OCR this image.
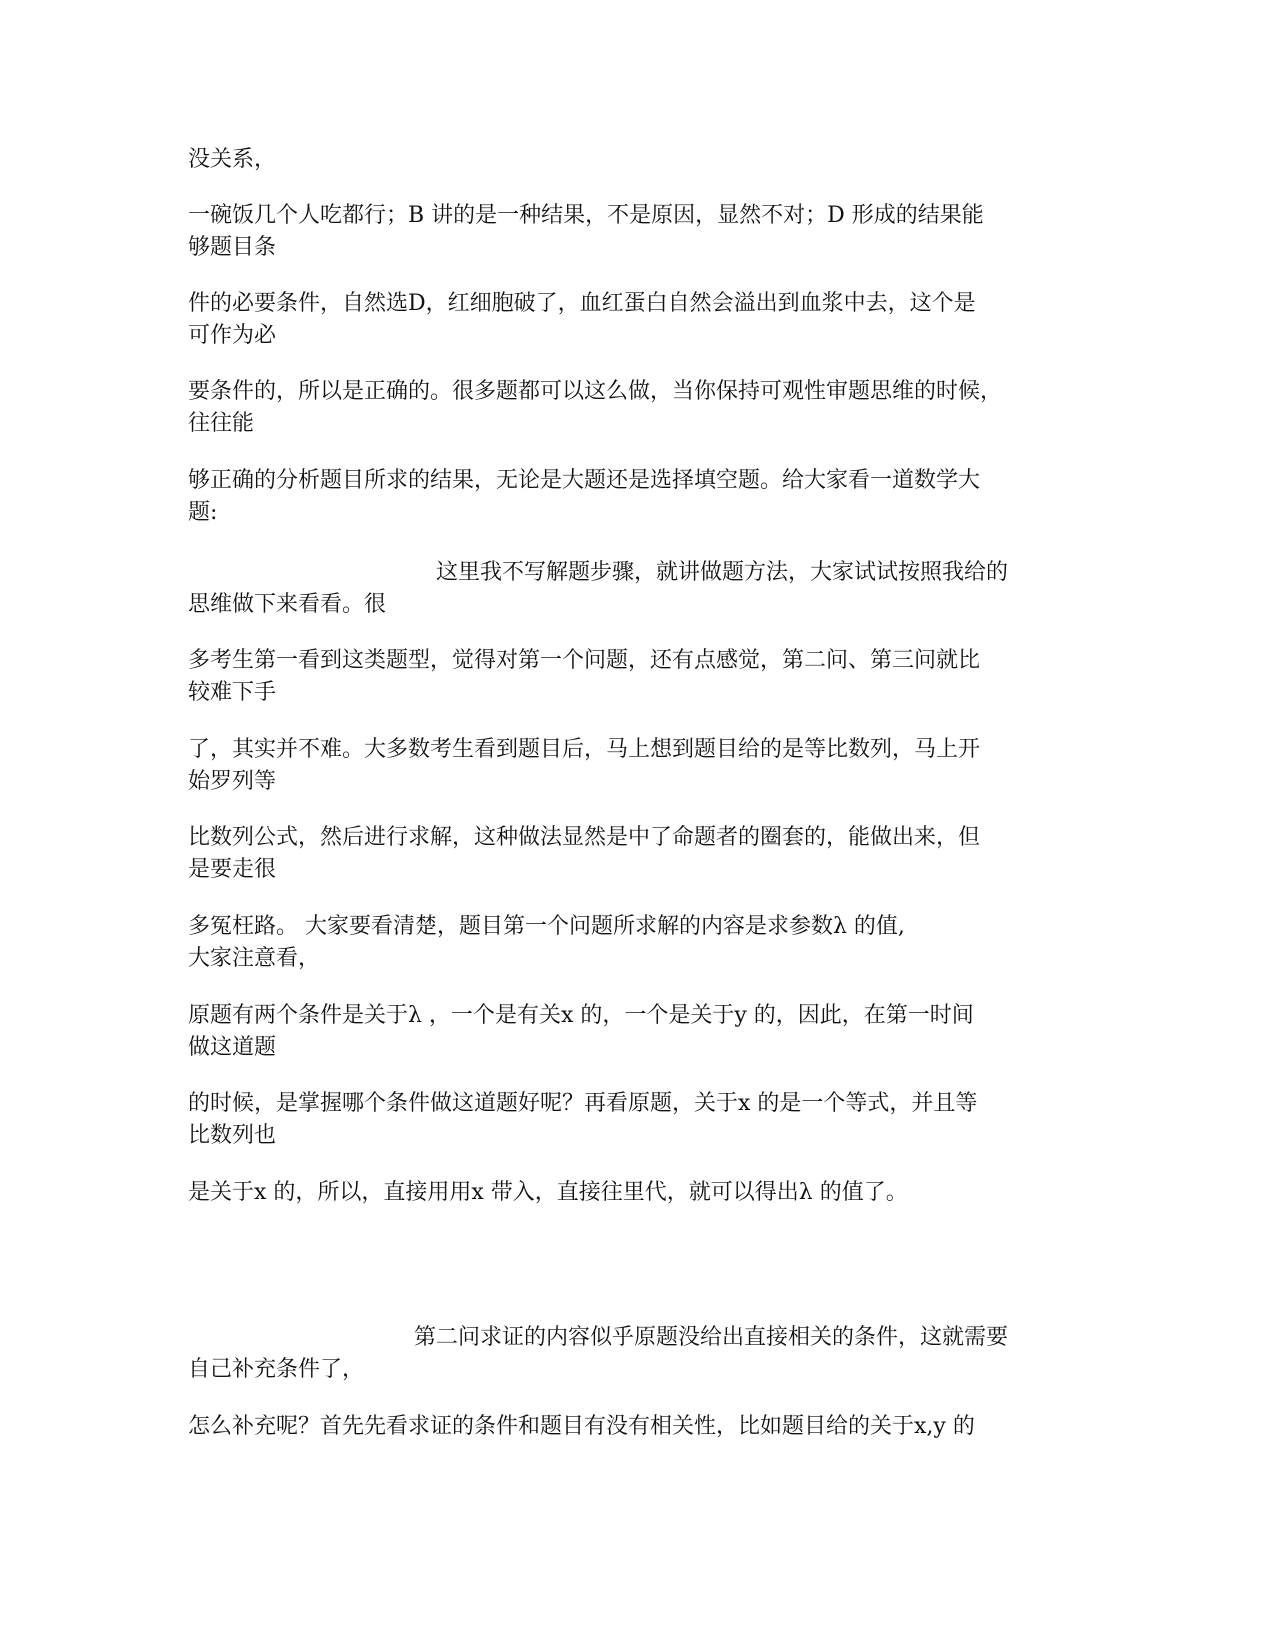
没关系，

一碗饭几个人吃都行；B 讲的是一种结果，不是原因，显然不对；D 形成的结果能
够题目条

件的必要条件，自然选D，红细胞破了，血红蛋白自然会溢出到血浆中去，这个是
可作为必

要条件的，所以是正确的。很多题都可以这么做，当你保持可观性审题思维的时候，
往往能

够正确的分析题目所求的结果，无论是大题还是选择填空题。给大家看一道数学大
题:

这里我不写解题步骤，就讲做题方法，大家试试按照我给的
思维做下来看看。很

多考生第一看到这类题型，觉得对第一个问题，还有点感觉，第二问、第三问就比
较难下手

了，其实并不难。大多数考生看到题目后，马上想到题目给的是等比数列，马上开
始罗列等

比数列公式，然后进行求解，这种做法显然是中了命题者的圈套的，能做出来，但
是要走很

多冤枉路。 大家要看清楚，题目第一个问题所求解的内容是求参数λ 的值,
大家注意看，

原题有两个条件是关于λ ，一个是有关x 的，一个是关于y 的，因此，在第一时间
做这道题

的时候，是掌握哪个条件做这道题好呢？再看原题，关于x 的是一个等式，并且等
比数列也

是关于x 的，所以，直接用用x 带入，直接往里代，就可以得出λ 的值了。

第二问求证的内容似乎原题没给出直接相关的条件，这就需要
自己补充条件了，

怎么补充呢？首先先看求证的条件和题目有没有相关性，比如题目给的关于x,y 的
